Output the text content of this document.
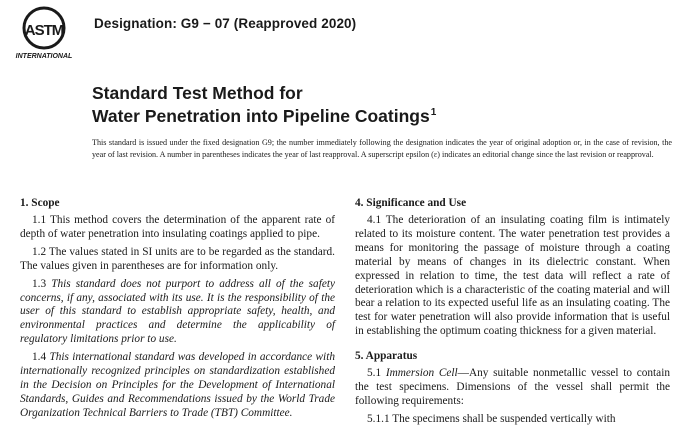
ASTM
INTERNATIONAL
Designation: G9 − 07 (Reapproved 2020)
Standard Test Method for
Water Penetration into Pipeline Coatings$^1$
This standard is issued under the fixed designation G9; the number immediately following the designation indicates the year of original adoption or, in the case of revision, the year of last revision. A number in parentheses indicates the year of last reapproval. A superscript epsilon (ε) indicates an editorial change since the last revision or reapproval.
1. Scope

1.1 This method covers the determination of the apparent rate of depth of water penetration into insulating coatings applied to pipe.

1.2 The values stated in SI units are to be regarded as the standard. The values given in parentheses are for information only.

1.3 This standard does not purport to address all of the safety concerns, if any, associated with its use. It is the responsibility of the user of this standard to establish appropriate safety, health, and environmental practices and determine the applicability of regulatory limitations prior to use.

1.4 This international standard was developed in accordance with internationally recognized principles on standardization established in the Decision on Principles for the Development of International Standards, Guides and Recommendations issued by the World Trade Organization Technical Barriers to Trade (TBT) Committee.

4. Significance and Use

4.1 The deterioration of an insulating coating film is intimately related to its moisture content. The water penetration test provides a means for monitoring the passage of moisture through a coating material by means of changes in its dielectric constant. When expressed in relation to time, the test data will reflect a rate of deterioration which is a characteristic of the coating material and will bear a relation to its expected useful life as an insulating coating. The test for water penetration will also provide information that is useful in establishing the optimum coating thickness for a given material.

5. Apparatus

5.1 Immersion Cell—Any suitable nonmetallic vessel to contain the test specimens. Dimensions of the vessel shall permit the following requirements:

5.1.1 The specimens shall be suspended vertically with
